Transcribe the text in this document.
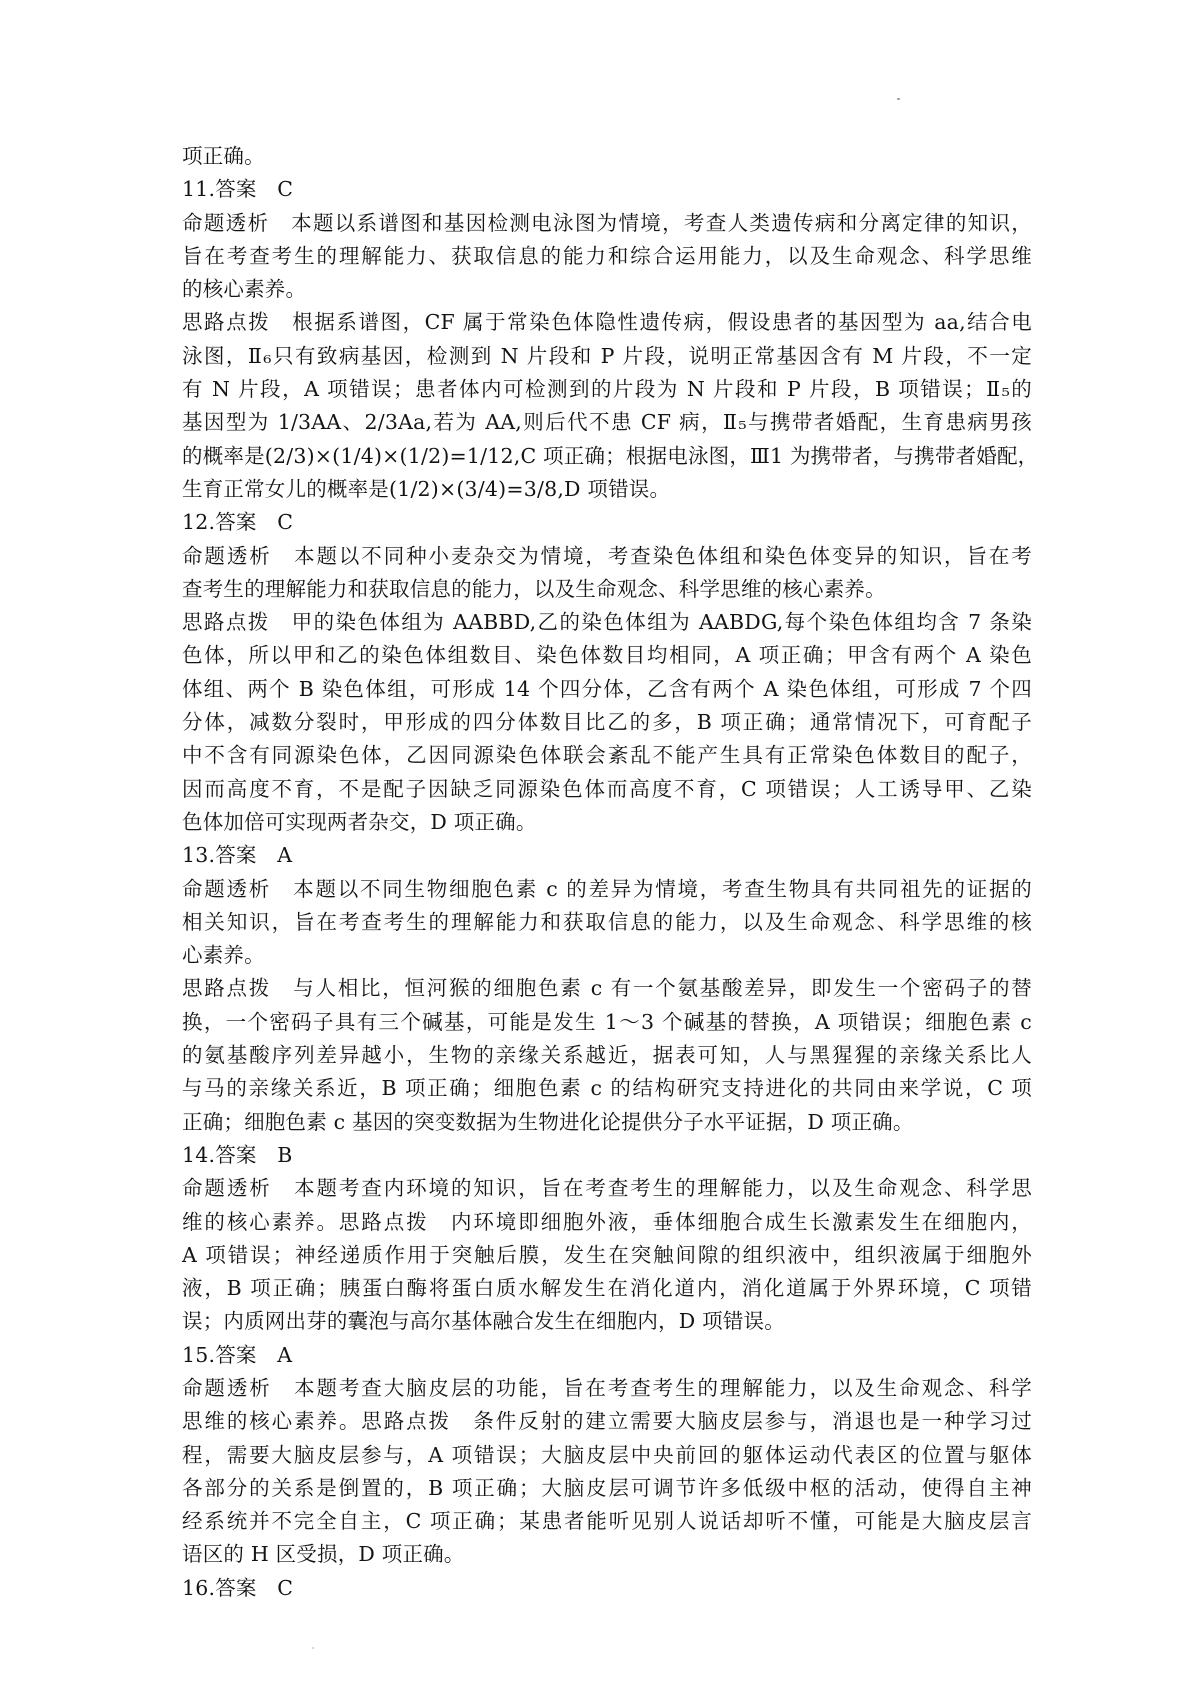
项正确。
11.答案　C
命题透析　本题以系谱图和基因检测电泳图为情境，考查人类遗传病和分离定律的知识，
旨在考查考生的理解能力、获取信息的能力和综合运用能力，以及生命观念、科学思维
的核心素养。
思路点拨　根据系谱图，CF 属于常染色体隐性遗传病，假设患者的基因型为 aa,结合电
泳图，Ⅱ₆只有致病基因，检测到 N 片段和 P 片段，说明正常基因含有 M 片段，不一定
有 N 片段，A 项错误；患者体内可检测到的片段为 N 片段和 P 片段，B 项错误；Ⅱ₅的
基因型为 1/3AA、2/3Aa,若为 AA,则后代不患 CF 病，Ⅱ₅与携带者婚配，生育患病男孩
的概率是(2/3)×(1/4)×(1/2)=1/12,C 项正确；根据电泳图，Ⅲ1 为携带者，与携带者婚配，
生育正常女儿的概率是(1/2)×(3/4)=3/8,D 项错误。
12.答案　C
命题透析　本题以不同种小麦杂交为情境，考查染色体组和染色体变异的知识，旨在考
查考生的理解能力和获取信息的能力，以及生命观念、科学思维的核心素养。
思路点拨　甲的染色体组为 AABBD,乙的染色体组为 AABDG,每个染色体组均含 7 条染
色体，所以甲和乙的染色体组数目、染色体数目均相同，A 项正确；甲含有两个 A 染色
体组、两个 B 染色体组，可形成 14 个四分体，乙含有两个 A 染色体组，可形成 7 个四
分体，减数分裂时，甲形成的四分体数目比乙的多，B 项正确；通常情况下，可育配子
中不含有同源染色体，乙因同源染色体联会紊乱不能产生具有正常染色体数目的配子，
因而高度不育，不是配子因缺乏同源染色体而高度不育，C 项错误；人工诱导甲、乙染
色体加倍可实现两者杂交，D 项正确。
13.答案　A
命题透析　本题以不同生物细胞色素 c 的差异为情境，考查生物具有共同祖先的证据的
相关知识，旨在考查考生的理解能力和获取信息的能力，以及生命观念、科学思维的核
心素养。
思路点拨　与人相比，恒河猴的细胞色素 c 有一个氨基酸差异，即发生一个密码子的替
换，一个密码子具有三个碱基，可能是发生 1～3 个碱基的替换，A 项错误；细胞色素 c
的氨基酸序列差异越小，生物的亲缘关系越近，据表可知，人与黑猩猩的亲缘关系比人
与马的亲缘关系近，B 项正确；细胞色素 c 的结构研究支持进化的共同由来学说，C 项
正确；细胞色素 c 基因的突变数据为生物进化论提供分子水平证据，D 项正确。
14.答案　B
命题透析　本题考查内环境的知识，旨在考查考生的理解能力，以及生命观念、科学思
维的核心素养。思路点拨　内环境即细胞外液，垂体细胞合成生长激素发生在细胞内，
A 项错误；神经递质作用于突触后膜，发生在突触间隙的组织液中，组织液属于细胞外
液，B 项正确；胰蛋白酶将蛋白质水解发生在消化道内，消化道属于外界环境，C 项错
误；内质网出芽的囊泡与高尔基体融合发生在细胞内，D 项错误。
15.答案　A
命题透析　本题考查大脑皮层的功能，旨在考查考生的理解能力，以及生命观念、科学
思维的核心素养。思路点拨　条件反射的建立需要大脑皮层参与，消退也是一种学习过
程，需要大脑皮层参与，A 项错误；大脑皮层中央前回的躯体运动代表区的位置与躯体
各部分的关系是倒置的，B 项正确；大脑皮层可调节许多低级中枢的活动，使得自主神
经系统并不完全自主，C 项正确；某患者能听见别人说话却听不懂，可能是大脑皮层言
语区的 H 区受损，D 项正确。
16.答案　C
